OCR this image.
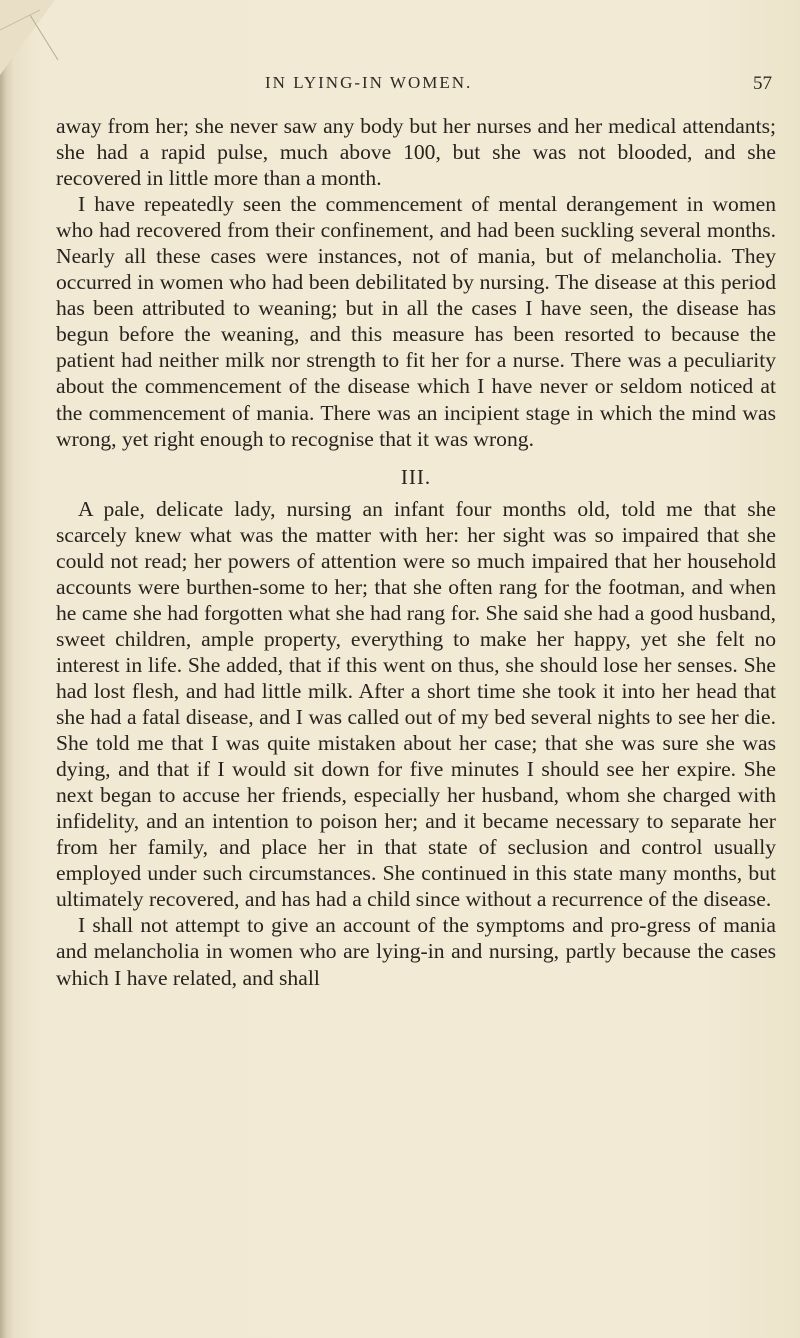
IN LYING-IN WOMEN.	57

away from her; she never saw any body but her nurses and her medical attendants; she had a rapid pulse, much above 100, but she was not blooded, and she recovered in little more than a month.

I have repeatedly seen the commencement of mental derangement in women who had recovered from their confinement, and had been suckling several months. Nearly all these cases were instances, not of mania, but of melancholia. They occurred in women who had been debilitated by nursing. The disease at this period has been attributed to weaning; but in all the cases I have seen, the disease has begun before the weaning, and this measure has been resorted to because the patient had neither milk nor strength to fit her for a nurse. There was a peculiarity about the commencement of the disease which I have never or seldom noticed at the commencement of mania. There was an incipient stage in which the mind was wrong, yet right enough to recognise that it was wrong.

III.

A pale, delicate lady, nursing an infant four months old, told me that she scarcely knew what was the matter with her: her sight was so impaired that she could not read; her powers of attention were so much impaired that her household accounts were burthen-some to her; that she often rang for the footman, and when he came she had forgotten what she had rang for. She said she had a good husband, sweet children, ample property, everything to make her happy, yet she felt no interest in life. She added, that if this went on thus, she should lose her senses. She had lost flesh, and had little milk. After a short time she took it into her head that she had a fatal disease, and I was called out of my bed several nights to see her die. She told me that I was quite mistaken about her case; that she was sure she was dying, and that if I would sit down for five minutes I should see her expire. She next began to accuse her friends, especially her husband, whom she charged with infidelity, and an intention to poison her; and it became necessary to separate her from her family, and place her in that state of seclusion and control usually employed under such circumstances. She continued in this state many months, but ultimately recovered, and has had a child since without a recurrence of the disease.

I shall not attempt to give an account of the symptoms and pro-gress of mania and melancholia in women who are lying-in and nursing, partly because the cases which I have related, and shall
